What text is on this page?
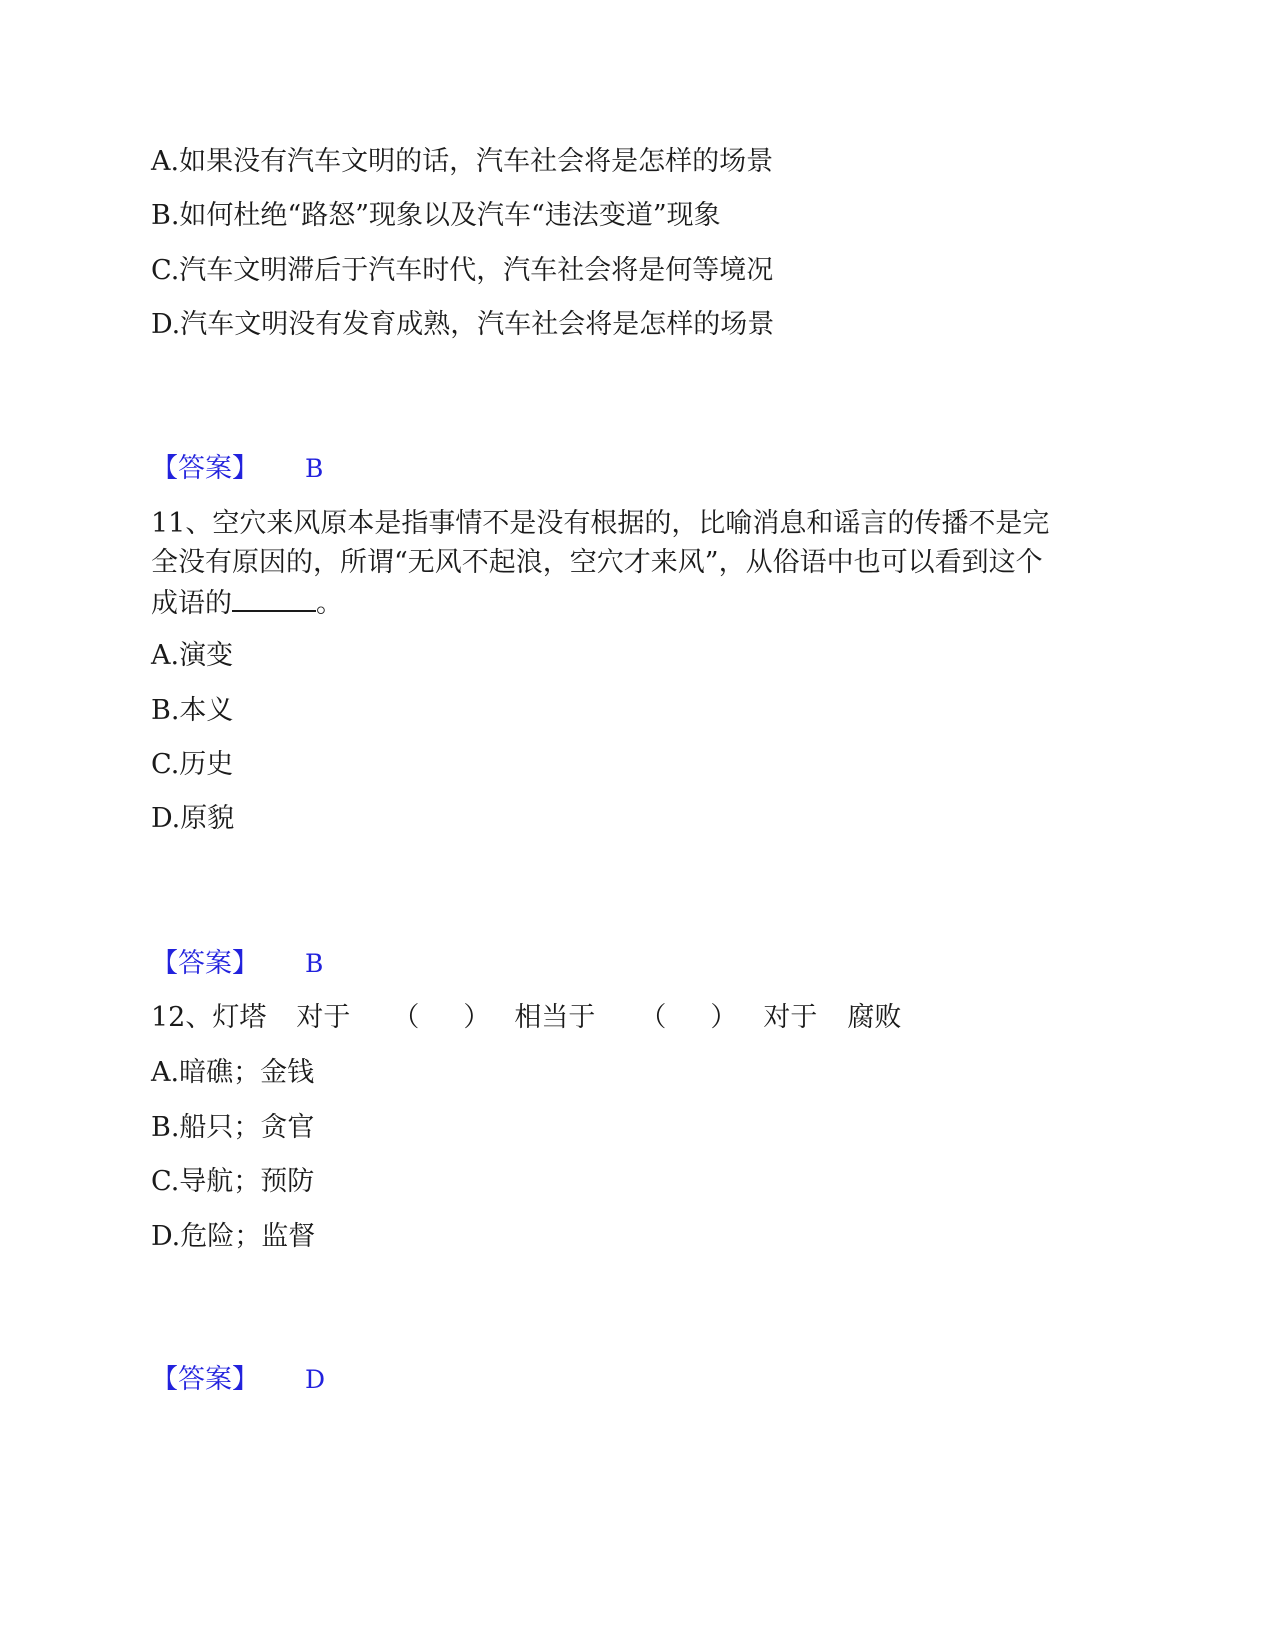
A.如果没有汽车文明的话，汽车社会将是怎样的场景
B.如何杜绝“路怒”现象以及汽车“违法变道”现象
C.汽车文明滞后于汽车时代，汽车社会将是何等境况
D.汽车文明没有发育成熟，汽车社会将是怎样的场景
【答案】 B
11、空穴来风原本是指事情不是没有根据的，比喻消息和谣言的传播不是完
全没有原因的，所谓“无风不起浪，空穴才来风”，从俗语中也可以看到这个
成语的	。
A.演变
B.本义
C.历史
D.原貌
【答案】 B
12、灯塔 对于 （ ） 相当于 （ ） 对于 腐败
A.暗礁；金钱
B.船只；贪官
C.导航；预防
D.危险；监督
【答案】 D
